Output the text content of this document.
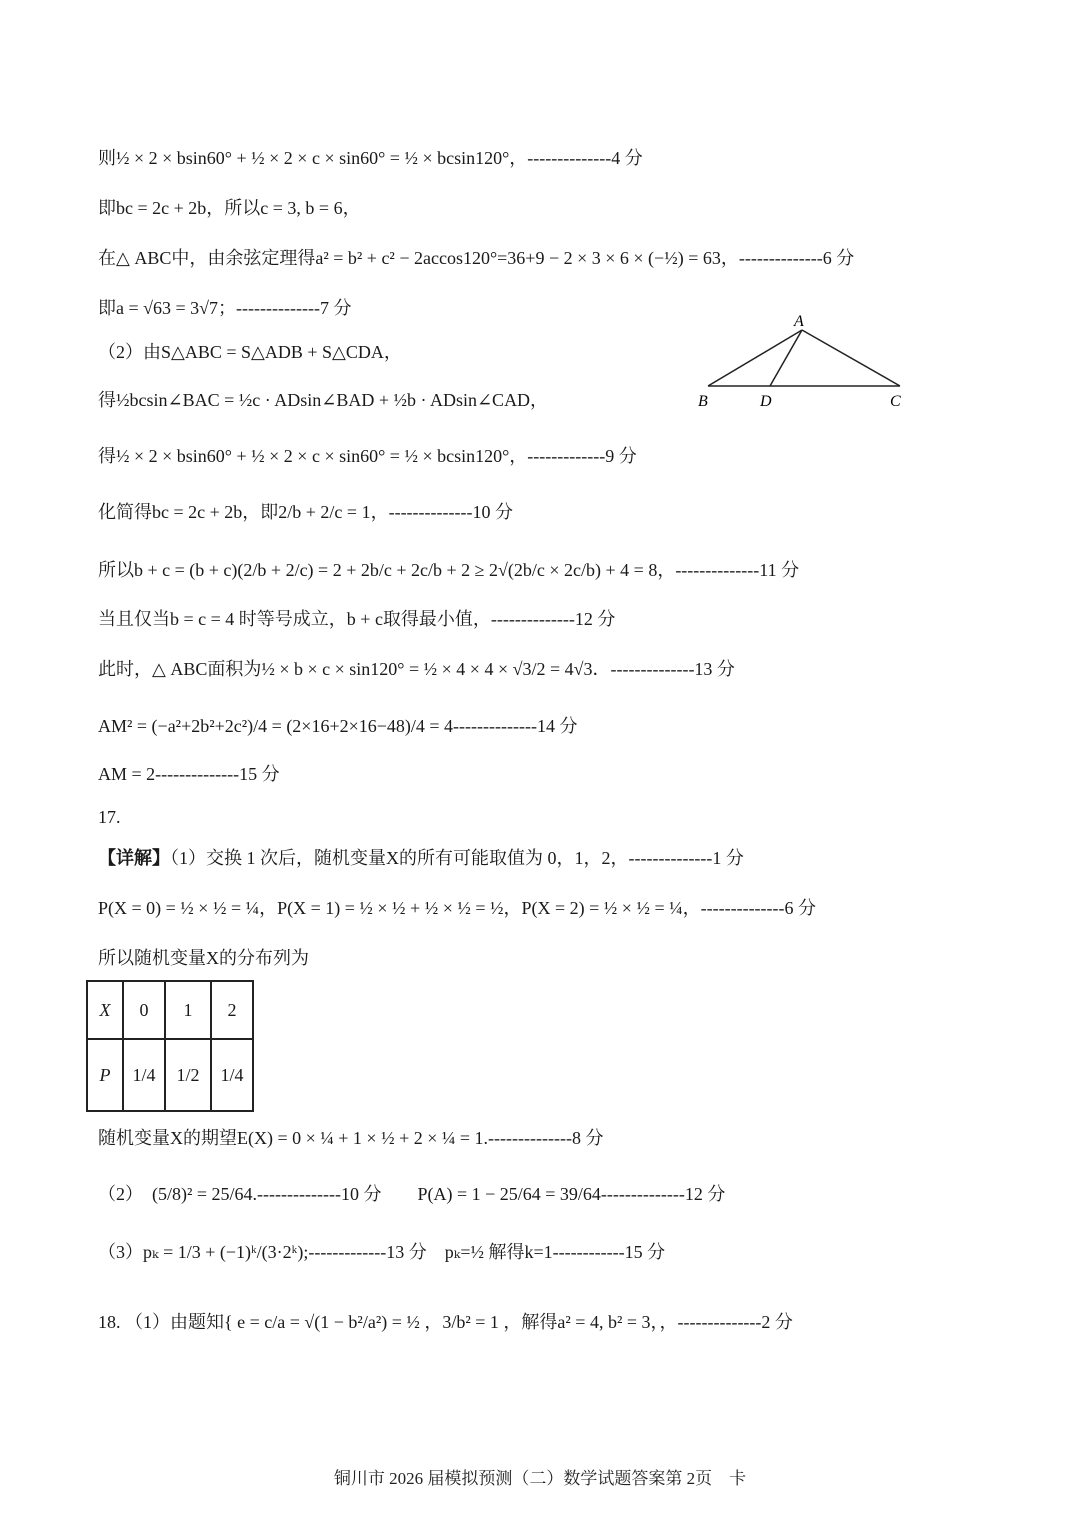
则½ × 2 × bsin60° + ½ × 2 × c × sin60° = ½ × bcsin120°，--------------4 分
即bc = 2c + 2b，所以c = 3, b = 6，
在△ ABC中，由余弦定理得a² = b² + c² − 2accos120°=36+9 − 2 × 3 × 6 × (−½) = 63，--------------6 分
即a = √63 = 3√7；--------------7 分
（2）由S△ABC = S△ADB + S△CDA，
得½bcsin∠BAC = ½c · ADsin∠BAD + ½b · ADsin∠CAD，
得½ × 2 × bsin60° + ½ × 2 × c × sin60° = ½ × bcsin120°，-------------9 分
化简得bc = 2c + 2b，即2/b + 2/c = 1，--------------10 分
所以b + c = (b + c)(2/b + 2/c) = 2 + 2b/c + 2c/b + 2 ≥ 2√(2b/c × 2c/b) + 4 = 8，--------------11 分
当且仅当b = c = 4 时等号成立，b + c取得最小值，--------------12 分
此时，△ ABC面积为½ × b × c × sin120° = ½ × 4 × 4 × √3/2 = 4√3．--------------13 分
AM² = (−a²+2b²+2c²)/4 = (2×16+2×16−48)/4 = 4--------------14 分
AM = 2--------------15 分
17.
【详解】（1）交换 1 次后，随机变量X的所有可能取值为 0，1，2，--------------1 分
P(X = 0) = ½ × ½ = ¼，P(X = 1) = ½ × ½ + ½ × ½ = ½，P(X = 2) = ½ × ½ = ¼，--------------6 分
所以随机变量X的分布列为
X	0	1	2
P	1/4	1/2	1/4
随机变量X的期望E(X) = 0 × ¼ + 1 × ½ + 2 × ¼ = 1.--------------8 分
（2）　(5/8)² = 25/64.--------------10 分　　P(A) = 1 − 25/64 = 39/64--------------12 分
（3）pₖ = 1/3 + (−1)ᵏ/(3·2ᵏ);-------------13 分　pₖ=½ 解得k=1------------15 分
18. （1）由题知{ e = c/a = √(1 − b²/a²) = ½ ，3/b² = 1 ，解得a² = 4, b² = 3，，--------------2 分
A
B	D	C
铜川市 2026 届模拟预测（二）数学试题答案第 2页　卡
